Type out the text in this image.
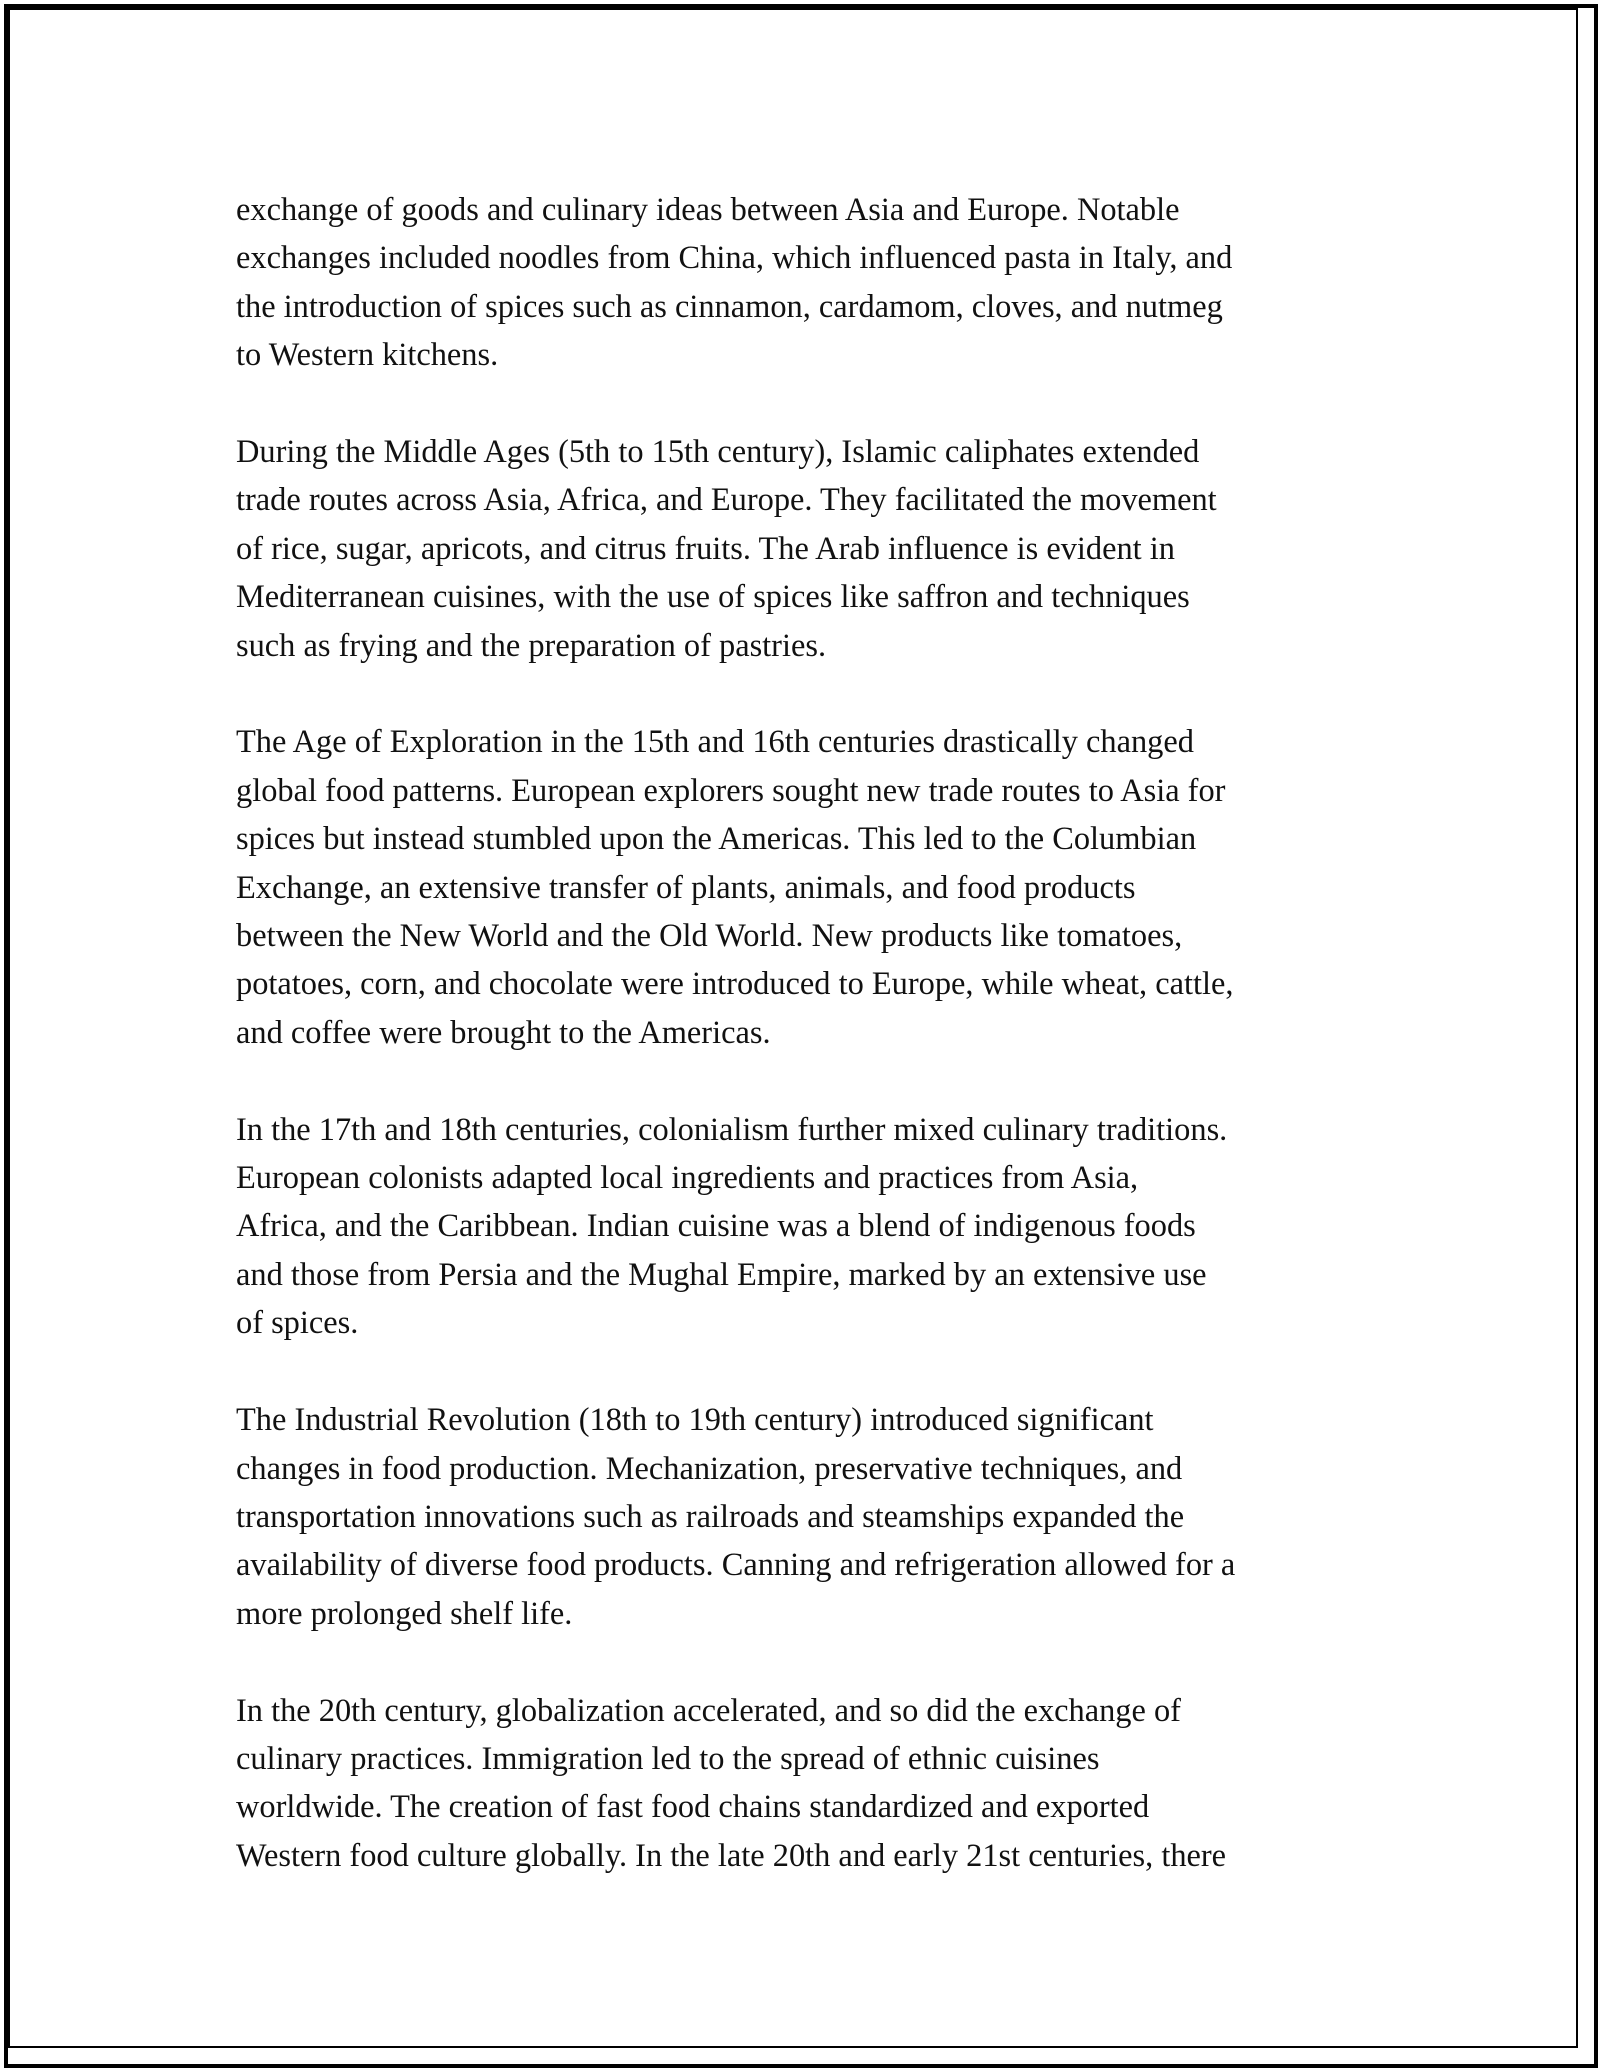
exchange of goods and culinary ideas between Asia and Europe. Notable
exchanges included noodles from China, which influenced pasta in Italy, and
the introduction of spices such as cinnamon, cardamom, cloves, and nutmeg
to Western kitchens.

During the Middle Ages (5th to 15th century), Islamic caliphates extended
trade routes across Asia, Africa, and Europe. They facilitated the movement
of rice, sugar, apricots, and citrus fruits. The Arab influence is evident in
Mediterranean cuisines, with the use of spices like saffron and techniques
such as frying and the preparation of pastries.

The Age of Exploration in the 15th and 16th centuries drastically changed
global food patterns. European explorers sought new trade routes to Asia for
spices but instead stumbled upon the Americas. This led to the Columbian
Exchange, an extensive transfer of plants, animals, and food products
between the New World and the Old World. New products like tomatoes,
potatoes, corn, and chocolate were introduced to Europe, while wheat, cattle,
and coffee were brought to the Americas.

In the 17th and 18th centuries, colonialism further mixed culinary traditions.
European colonists adapted local ingredients and practices from Asia,
Africa, and the Caribbean. Indian cuisine was a blend of indigenous foods
and those from Persia and the Mughal Empire, marked by an extensive use
of spices.

The Industrial Revolution (18th to 19th century) introduced significant
changes in food production. Mechanization, preservative techniques, and
transportation innovations such as railroads and steamships expanded the
availability of diverse food products. Canning and refrigeration allowed for a
more prolonged shelf life.

In the 20th century, globalization accelerated, and so did the exchange of
culinary practices. Immigration led to the spread of ethnic cuisines
worldwide. The creation of fast food chains standardized and exported
Western food culture globally. In the late 20th and early 21st centuries, there
